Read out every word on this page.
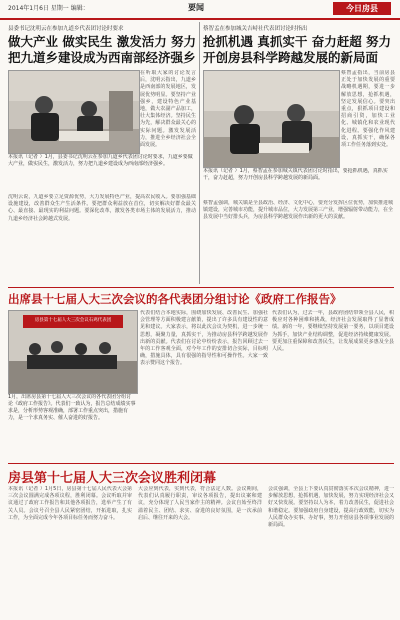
2014年1月6日 星期一 编辑：	要闻	今日房县
县委书记沈明云在参加九道乡代表团讨论时要求
做大产业 做实民生 激发活力 努力
把九道乡建设成为西南部经济强乡
在听取大家的讨论发言后，沈明云指出，九道乡是西南部的发展地区，发展优势明显。要坚持产业强乡，建设特色产业基地，做大农副产品加工，壮大集体经济。坚持民生为先，解决群众最关心的实际问题。激发发展活力，推进全乡经济社会全面发展。
本报讯（记者 ）1月，县委书记沈明云在参加九道乡代表团讨论时要求，九道乡要做大产业，做实民生，激发活力，努力把九道乡建设成为西南部经济强乡。
沈明云说，九道乡要立足资源优势，大力发展特色产业，提高农民收入。要加强基础设施建设，改善群众生产生活条件。要把群众利益放在首位，切实解决好群众最关心、最直接、最现实的利益问题。要深化改革，激发各类市场主体的发展活力，推动九道乡经济社会跨越式发展。
蔡智孟在参加城关吉峙社代表团讨论时指出
抢抓机遇 真抓实干 奋力赶超 努力
开创房县科学跨越发展的新局面
蔡智孟指出，当前房县正处于加快发展的重要战略机遇期，要进一步解放思想，抢抓机遇，坚定发展信心。要突出重点，狠抓项目建设和招商引资，加快工业化、城镇化和农业现代化进程。要强化作风建设，真抓实干，确保各项工作任务落到实处。
本报讯（记者 ）1月，蔡智孟在参加城关镇代表团讨论时指出，要抢抓机遇，真抓实干，奋力赶超，努力开创房县科学跨越发展的新局面。
蔡智孟强调，城关镇是全县政治、经济、文化中心，要充分发挥区位优势，加快推进城镇建设，完善城市功能，提升城市品位，大力发展第三产业，增强辐射带动能力，在全县发展中当好排头兵，为房县科学跨越发展作出新的更大的贡献。
出席县十七届人大三次会议的各代表团分组讨论《政府工作报告》
房县第十七届人大三次会议石鸡代表团
1月，出席房县第十七届人大三次会议的各代表团分组讨论《政府工作报告》。代表们一致认为，报告总结成绩实事求是，分析形势客观准确，部署工作重点突出，措施有力，是一个求真务实、催人奋进的好报告。
代表们结合本地实际，围绕加快发展、改善民生、加强社会管理等方面积极建言献策，提出了许多具有建设性的意见和建议。大家表示，将以此次会议为契机，进一步统一思想，凝聚力量，真抓实干，为推动房县科学跨越发展作出新的贡献。代表们在讨论中纷纷表示，报告回顾过去一年的工作客观全面，对今年工作的安排切合实际，目标明确，措施具体，具有很强的指导性和可操作性。大家一致表示赞同这个报告。
代表们认为，过去一年，县政府团结带领全县人民，积极应对各种困难和挑战，经济社会发展取得了显著成绩。新的一年，要继续坚持发展第一要务，以项目建设为抓手，加快产业结构调整，促进经济持续健康发展。要更加注重保障和改善民生，让发展成果更多惠及全县人民。
房县第十七届人大三次会议胜利闭幕
本报讯（记者 ）1月5日，房县第十七届人民代表大会第三次会议圆满完成各项议程，胜利闭幕。会议听取并审议通过了政府工作报告和其他各项报告，选举产生了有关人员。会议号召全县人民紧密团结，开拓进取，扎实工作，为全面完成今年各项目标任务而努力奋斗。
大会应到代表，实到代表，符合法定人数。会议期间，代表们认真履行职责，审议各项报告，提出议案和建议，充分体现了人民当家作主的精神。会议自始至终洋溢着民主、团结、求实、奋进的良好氛围，是一次承前启后、继往开来的大会。
会议强调，全县上下要认真贯彻落实本次会议精神，进一步解放思想，抢抓机遇，加快发展，努力实现经济社会又好又快发展。要坚持以人为本，着力改善民生，促进社会和谐稳定。要加强政府自身建设，提高行政效能，切实为人民群众办实事、办好事，努力开创房县各项事业发展的新局面。
